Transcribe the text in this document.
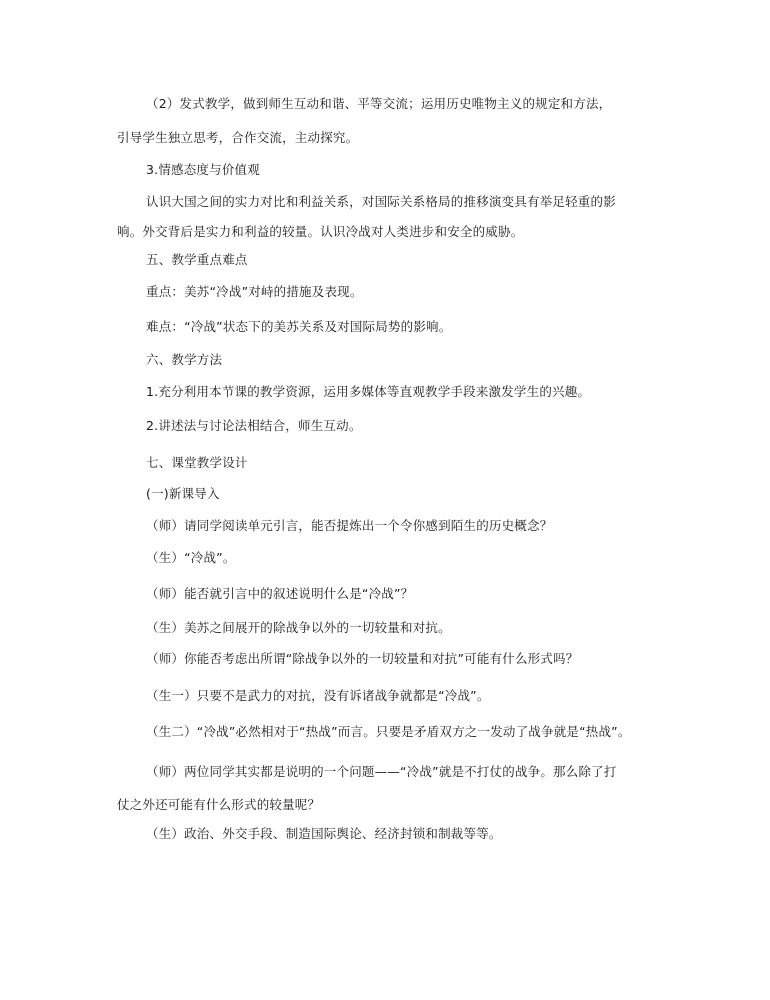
（2）发式教学，做到师生互动和谐、平等交流；运用历史唯物主义的规定和方法，
引导学生独立思考，合作交流，主动探究。
3.情感态度与价值观
认识大国之间的实力对比和利益关系，对国际关系格局的推移演变具有举足轻重的影
响。外交背后是实力和利益的较量。认识冷战对人类进步和安全的威胁。
五、教学重点难点
重点：美苏“冷战”对峙的措施及表现。
难点：“冷战”状态下的美苏关系及对国际局势的影响。
六、教学方法
1.充分利用本节课的教学资源，运用多媒体等直观教学手段来激发学生的兴趣。
2.讲述法与讨论法相结合，师生互动。
七、课堂教学设计
(一)新课导入
（师）请同学阅读单元引言，能否提炼出一个令你感到陌生的历史概念？
（生）“冷战”。
（师）能否就引言中的叙述说明什么是“冷战”？
（生）美苏之间展开的除战争以外的一切较量和对抗。
（师）你能否考虑出所谓“除战争以外的一切较量和对抗”可能有什么形式吗？
（生一）只要不是武力的对抗，没有诉诸战争就都是“冷战”。
（生二）“冷战”必然相对于“热战”而言。只要是矛盾双方之一发动了战争就是“热战”。
（师）两位同学其实都是说明的一个问题——“冷战”就是不打仗的战争。那么除了打
仗之外还可能有什么形式的较量呢？
（生）政治、外交手段、制造国际舆论、经济封锁和制裁等等。
